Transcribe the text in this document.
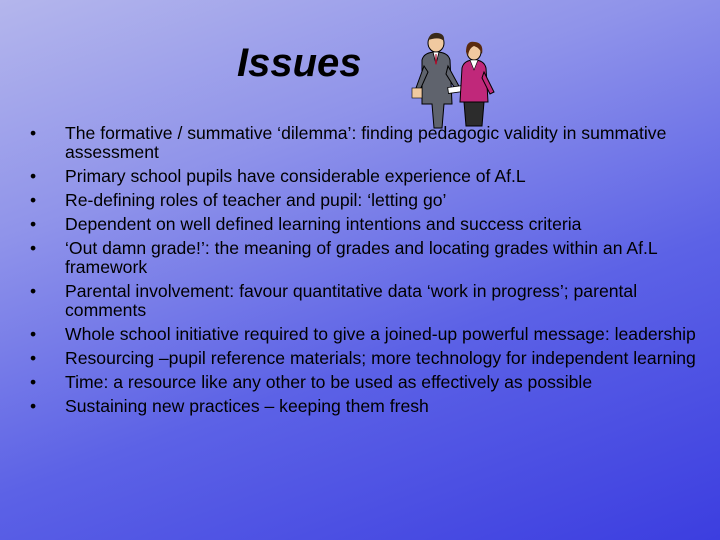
Issues
• The formative / summative ‘dilemma’: finding pedagogic validity in summative assessment
• Primary school pupils have considerable experience of Af.L
• Re-defining roles of teacher and pupil: ‘letting go’
• Dependent on well defined learning intentions and success criteria
• ‘Out damn grade!’: the meaning of grades and locating grades within an Af.L framework
• Parental involvement: favour quantitative data ‘work in progress’; parental comments
• Whole school initiative required to give a joined-up powerful message: leadership
• Resourcing –pupil reference materials; more technology for independent learning
• Time: a resource like any other to be used as effectively as possible
• Sustaining new practices – keeping them fresh
